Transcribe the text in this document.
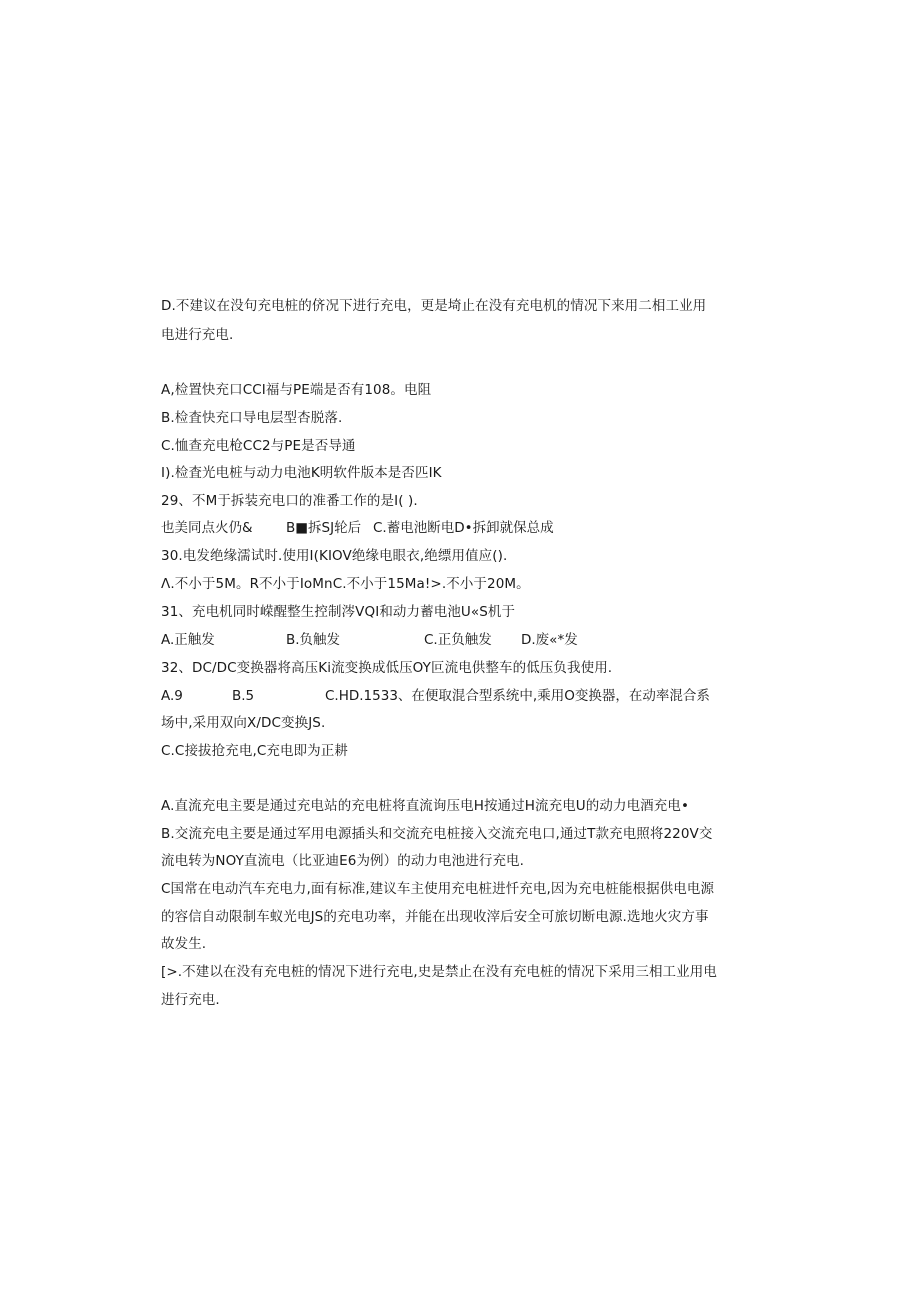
D.不建议在没句充电桩的侪况下进行充电，更是埼止在没有充电机的情况下来用二相工业用
电进行充电.
A,检置快充口CCI福与PE端是否有108。电阻
B.检査快充口导电层型杏脱落.
C.恤查充电枪CC2与PE是否导通
I).检査光电桩与动力电池K明软件版本是否匹IK
29、不M于拆装充电口的准番工作的是I( ).
也美同点火仍& B■拆SJ轮后 C.蓄电池断电D•拆卸就保总成
30.电发绝缘濡试时.使用I(KIOV绝缘电眼衣,绝缥用值应().
Λ.不小于5M。R不小于IoMnC.不小于15Ma!>.不小于20M。
31、充电机同时嵘醒整生控制涔VQI和动力蓄电池U«S机于
A.正触发	B.负触发	C.正负触发 D.废«*发
32、DC/DC变换器将高压Ki流变换成低压OY叵流电供整车的低压负我使用.
A.9	B.5	C.HD.1533、在便取混合型系统中,乘用O变换器，在动率混合系
场中,采用双向X/DC变换JS.
C.C接拔抢充电,C充电即为正耕
A.直流充电主要是通过充电站的充电桩将直流询压电H按通过H流充电U的动力电酒充电•
B.交流充电主要是通过军用电源插头和交流充电桩接入交流充电口,通过T款充电照将220V交
流电转为NOY直流电（比亚迪E6为例）的动力电池进行充电.
C国常在电动汽车充电力,面有标准,建议车主使用充电桩进忏充电,因为充电桩能根据供电电源
的容信自动限制车蚁光电JS的充电功率，并能在出现收滓后安全可旅切断电源.选地火灾方事
故发生.
[>.不建以在没有充电桩的情况下进行充电,史是禁止在没有充电桩的情况下采用三相工业用电
进行充电.
